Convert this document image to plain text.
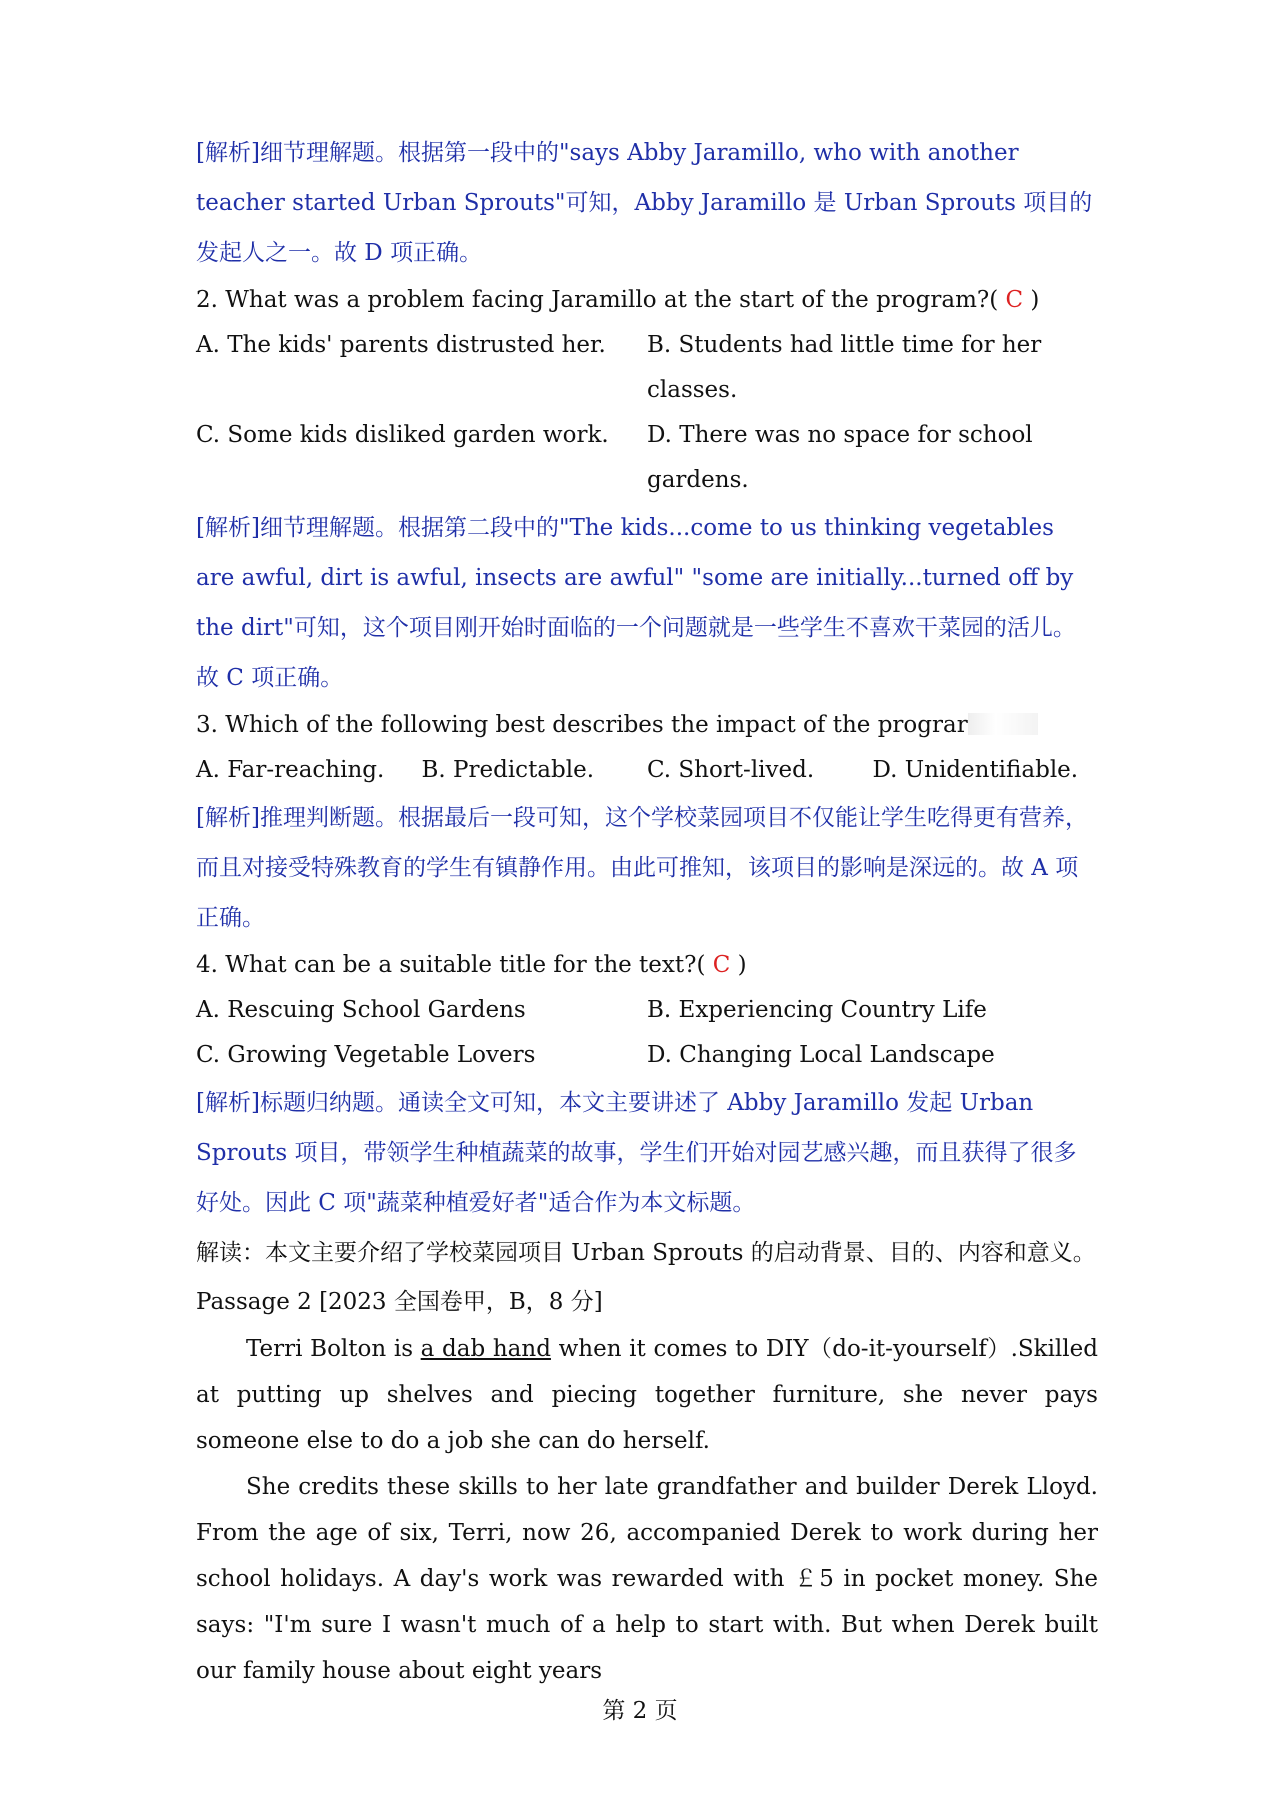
[解析]细节理解题。根据第一段中的"says Abby Jaramillo, who with another teacher started Urban Sprouts"可知，Abby Jaramillo 是 Urban Sprouts 项目的发起人之一。故 D 项正确。
2. What was a problem facing Jaramillo at the start of the program?( C )
A. The kids' parents distrusted her.	B. Students had little time for her classes.
C. Some kids disliked garden work.	D. There was no space for school gardens.
[解析]细节理解题。根据第二段中的"The kids...come to us thinking vegetables are awful, dirt is awful, insects are awful" "some are initially...turned off by the dirt"可知，这个项目刚开始时面临的一个问题就是一些学生不喜欢干菜园的活儿。故 C 项正确。
3. Which of the following best describes the impact of the prograr
A. Far-reaching.	B. Predictable.	C. Short-lived.	D. Unidentifiable.
[解析]推理判断题。根据最后一段可知，这个学校菜园项目不仅能让学生吃得更有营养，而且对接受特殊教育的学生有镇静作用。由此可推知，该项目的影响是深远的。故 A 项正确。
4. What can be a suitable title for the text?( C )
A. Rescuing School Gardens	B. Experiencing Country Life
C. Growing Vegetable Lovers	D. Changing Local Landscape
[解析]标题归纳题。通读全文可知，本文主要讲述了 Abby Jaramillo 发起 Urban Sprouts 项目，带领学生种植蔬菜的故事，学生们开始对园艺感兴趣，而且获得了很多好处。因此 C 项"蔬菜种植爱好者"适合作为本文标题。
解读：本文主要介绍了学校菜园项目 Urban Sprouts 的启动背景、目的、内容和意义。
Passage 2 [2023 全国卷甲，B，8 分]
Terri Bolton is a dab hand when it comes to DIY（do-it-yourself）.Skilled at putting up shelves and piecing together furniture, she never pays someone else to do a job she can do herself.
She credits these skills to her late grandfather and builder Derek Lloyd. From the age of six, Terri, now 26, accompanied Derek to work during her school holidays. A day's work was rewarded with ￡5 in pocket money. She says: "I'm sure I wasn't much of a help to start with. But when Derek built our family house about eight years
第 2 页
